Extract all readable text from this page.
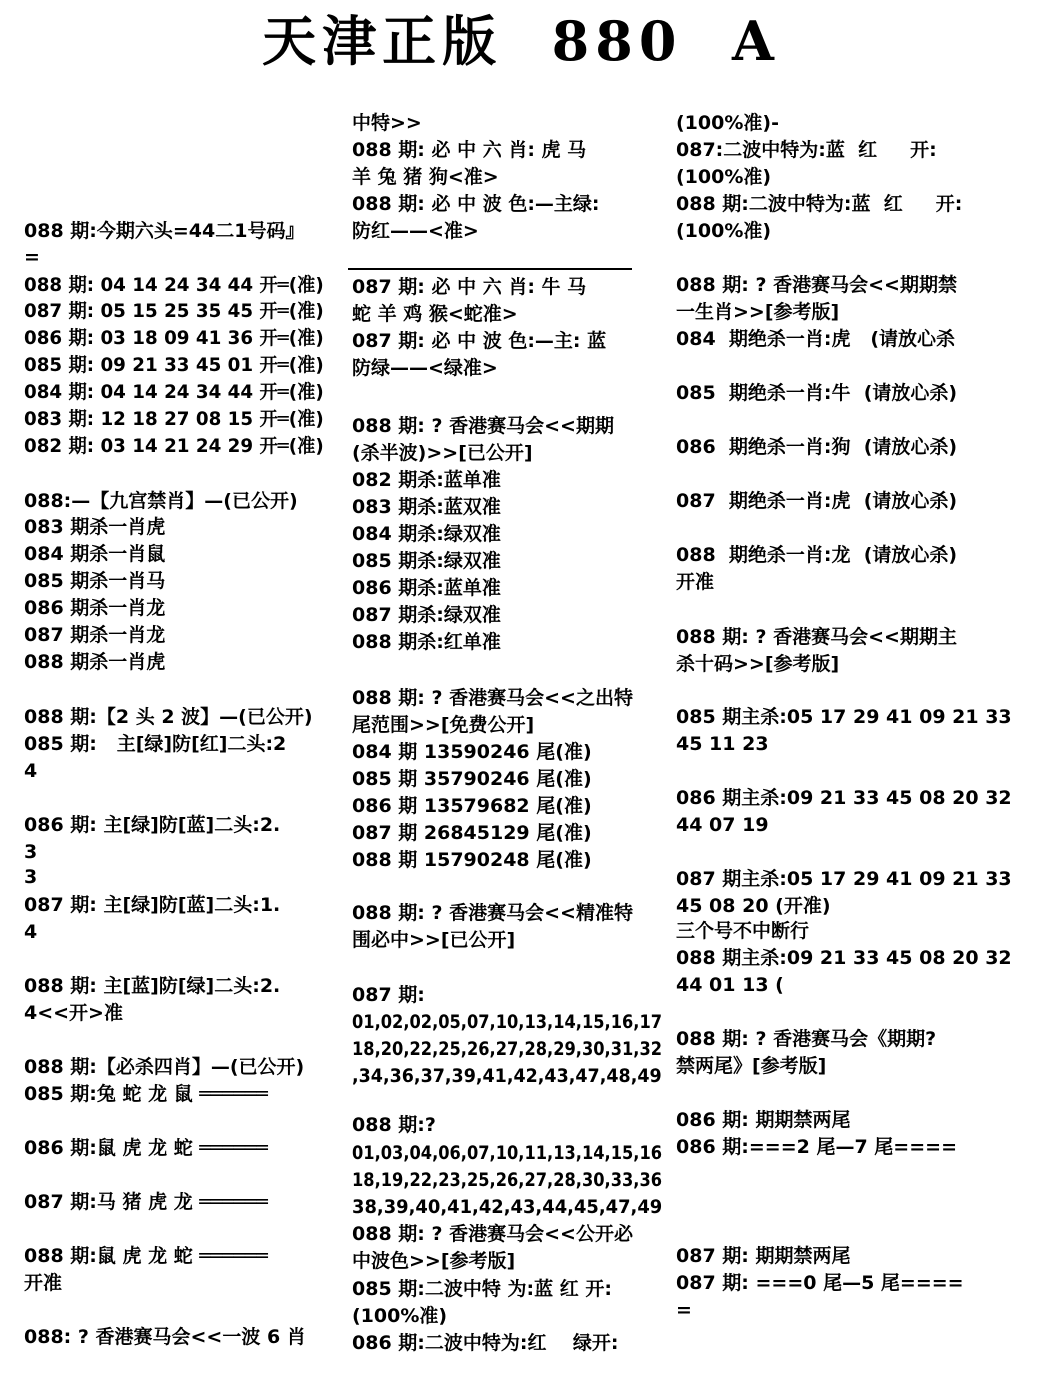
天津正版  880  A
088 期:今期六头=44二1号码』
=
088 期: 04 14 24 34 44 开═(准)
087 期: 05 15 25 35 45 开═(准)
086 期: 03 18 09 41 36 开═(准)
085 期: 09 21 33 45 01 开═(准)
084 期: 04 14 24 34 44 开═(准)
083 期: 12 18 27 08 15 开═(准)
082 期: 03 14 21 24 29 开═(准)
088:—【九宫禁肖】—(已公开)
083 期杀一肖虎
084 期杀一肖鼠
085 期杀一肖马
086 期杀一肖龙
087 期杀一肖龙
088 期杀一肖虎
088 期:【2 头 2 波】—(已公开)
085 期:   主[绿]防[红]二头:2
4
086 期: 主[绿]防[蓝]二头:2.
3
3
087 期: 主[绿]防[蓝]二头:1.
4
088 期: 主[蓝]防[绿]二头:2.
4<<开>准
088 期:【必杀四肖】—(已公开)
085 期:兔 蛇 龙 鼠 ══════
086 期:鼠 虎 龙 蛇 ══════
087 期:马 猪 虎 龙 ══════
088 期:鼠 虎 龙 蛇 ══════
开准
088: ? 香港赛马会<<一波 6 肖
中特>>
088 期: 必 中 六 肖: 虎 马
羊 兔 猪 狗<准>
088 期: 必 中 波 色:—主绿:
防红——<准>
087 期: 必 中 六 肖: 牛 马
蛇 羊 鸡 猴<蛇准>
087 期: 必 中 波 色:—主: 蓝
防绿——<绿准>
088 期: ? 香港赛马会<<期期
(杀半波)>>[已公开]
082 期杀:蓝单准
083 期杀:蓝双准
084 期杀:绿双准
085 期杀:绿双准
086 期杀:蓝单准
087 期杀:绿双准
088 期杀:红单准
088 期: ? 香港赛马会<<之出特
尾范围>>[免费公开]
084 期 13590246 尾(准)
085 期 35790246 尾(准)
086 期 13579682 尾(准)
087 期 26845129 尾(准)
088 期 15790248 尾(准)
088 期: ? 香港赛马会<<精准特
围必中>>[已公开]
087 期:
01,02,02,05,07,10,13,14,15,16,17
18,20,22,25,26,27,28,29,30,31,32
,34,36,37,39,41,42,43,47,48,49
088 期:?
01,03,04,06,07,10,11,13,14,15,16
18,19,22,23,25,26,27,28,30,33,36
38,39,40,41,42,43,44,45,47,49
088 期: ? 香港赛马会<<公开必
中波色>>[参考版]
085 期:二波中特 为:蓝 红 开:
(100%准)
086 期:二波中特为:红    绿开:
(100%准)-
087:二波中特为:蓝  红     开:
(100%准)
088 期:二波中特为:蓝  红     开:
(100%准)
088 期: ? 香港赛马会<<期期禁
一生肖>>[参考版]
084  期绝杀一肖:虎   (请放心杀
085  期绝杀一肖:牛  (请放心杀)
086  期绝杀一肖:狗  (请放心杀)
087  期绝杀一肖:虎  (请放心杀)
088  期绝杀一肖:龙  (请放心杀)
开准
088 期: ? 香港赛马会<<期期主
杀十码>>[参考版]
085 期主杀:05 17 29 41 09 21 33
45 11 23
086 期主杀:09 21 33 45 08 20 32
44 07 19
087 期主杀:05 17 29 41 09 21 33
45 08 20 (开准)
三个号不中断行
088 期主杀:09 21 33 45 08 20 32
44 01 13 (
088 期: ? 香港赛马会《期期?
禁两尾》[参考版]
086 期: 期期禁两尾
086 期:===2 尾—7 尾====
087 期: 期期禁两尾
087 期: ===0 尾—5 尾====
=
